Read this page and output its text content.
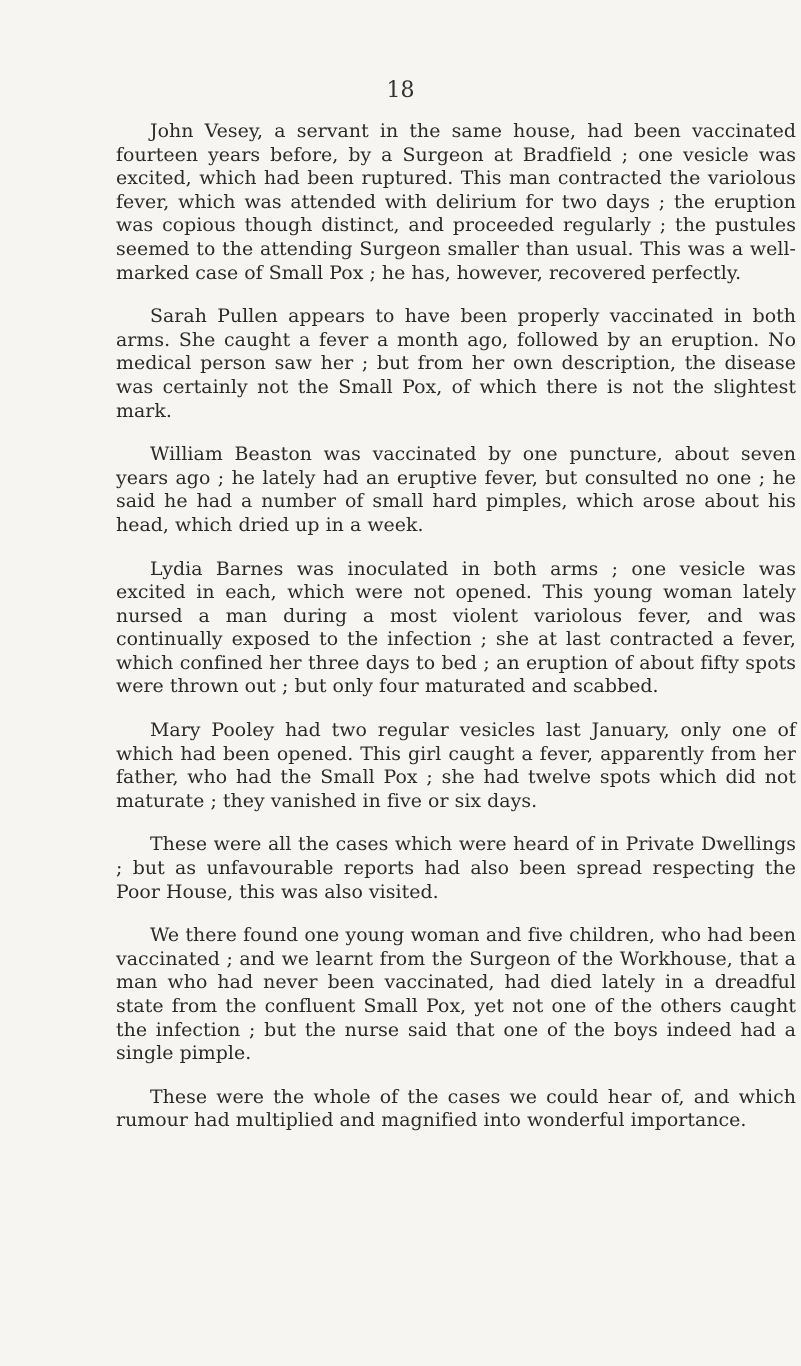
18

John Vesey, a servant in the same house, had been vaccinated fourteen years before, by a Surgeon at Bradfield ; one vesicle was excited, which had been ruptured. This man contracted the variolous fever, which was attended with delirium for two days ; the eruption was copious though distinct, and proceeded regularly ; the pustules seemed to the attending Surgeon smaller than usual. This was a well-marked case of Small Pox ; he has, however, recovered perfectly.

Sarah Pullen appears to have been properly vaccinated in both arms. She caught a fever a month ago, followed by an eruption. No medical person saw her ; but from her own description, the disease was certainly not the Small Pox, of which there is not the slightest mark.

William Beaston was vaccinated by one puncture, about seven years ago ; he lately had an eruptive fever, but consulted no one ; he said he had a number of small hard pimples, which arose about his head, which dried up in a week.

Lydia Barnes was inoculated in both arms ; one vesicle was excited in each, which were not opened. This young woman lately nursed a man during a most violent variolous fever, and was continually exposed to the infection ; she at last contracted a fever, which confined her three days to bed ; an eruption of about fifty spots were thrown out ; but only four maturated and scabbed.

Mary Pooley had two regular vesicles last January, only one of which had been opened. This girl caught a fever, apparently from her father, who had the Small Pox ; she had twelve spots which did not maturate ; they vanished in five or six days.

These were all the cases which were heard of in Private Dwellings ; but as unfavourable reports had also been spread respecting the Poor House, this was also visited.

We there found one young woman and five children, who had been vaccinated ; and we learnt from the Surgeon of the Workhouse, that a man who had never been vaccinated, had died lately in a dreadful state from the confluent Small Pox, yet not one of the others caught the infection ; but the nurse said that one of the boys indeed had a single pimple.

These were the whole of the cases we could hear of, and which rumour had multiplied and magnified into wonderful importance.
